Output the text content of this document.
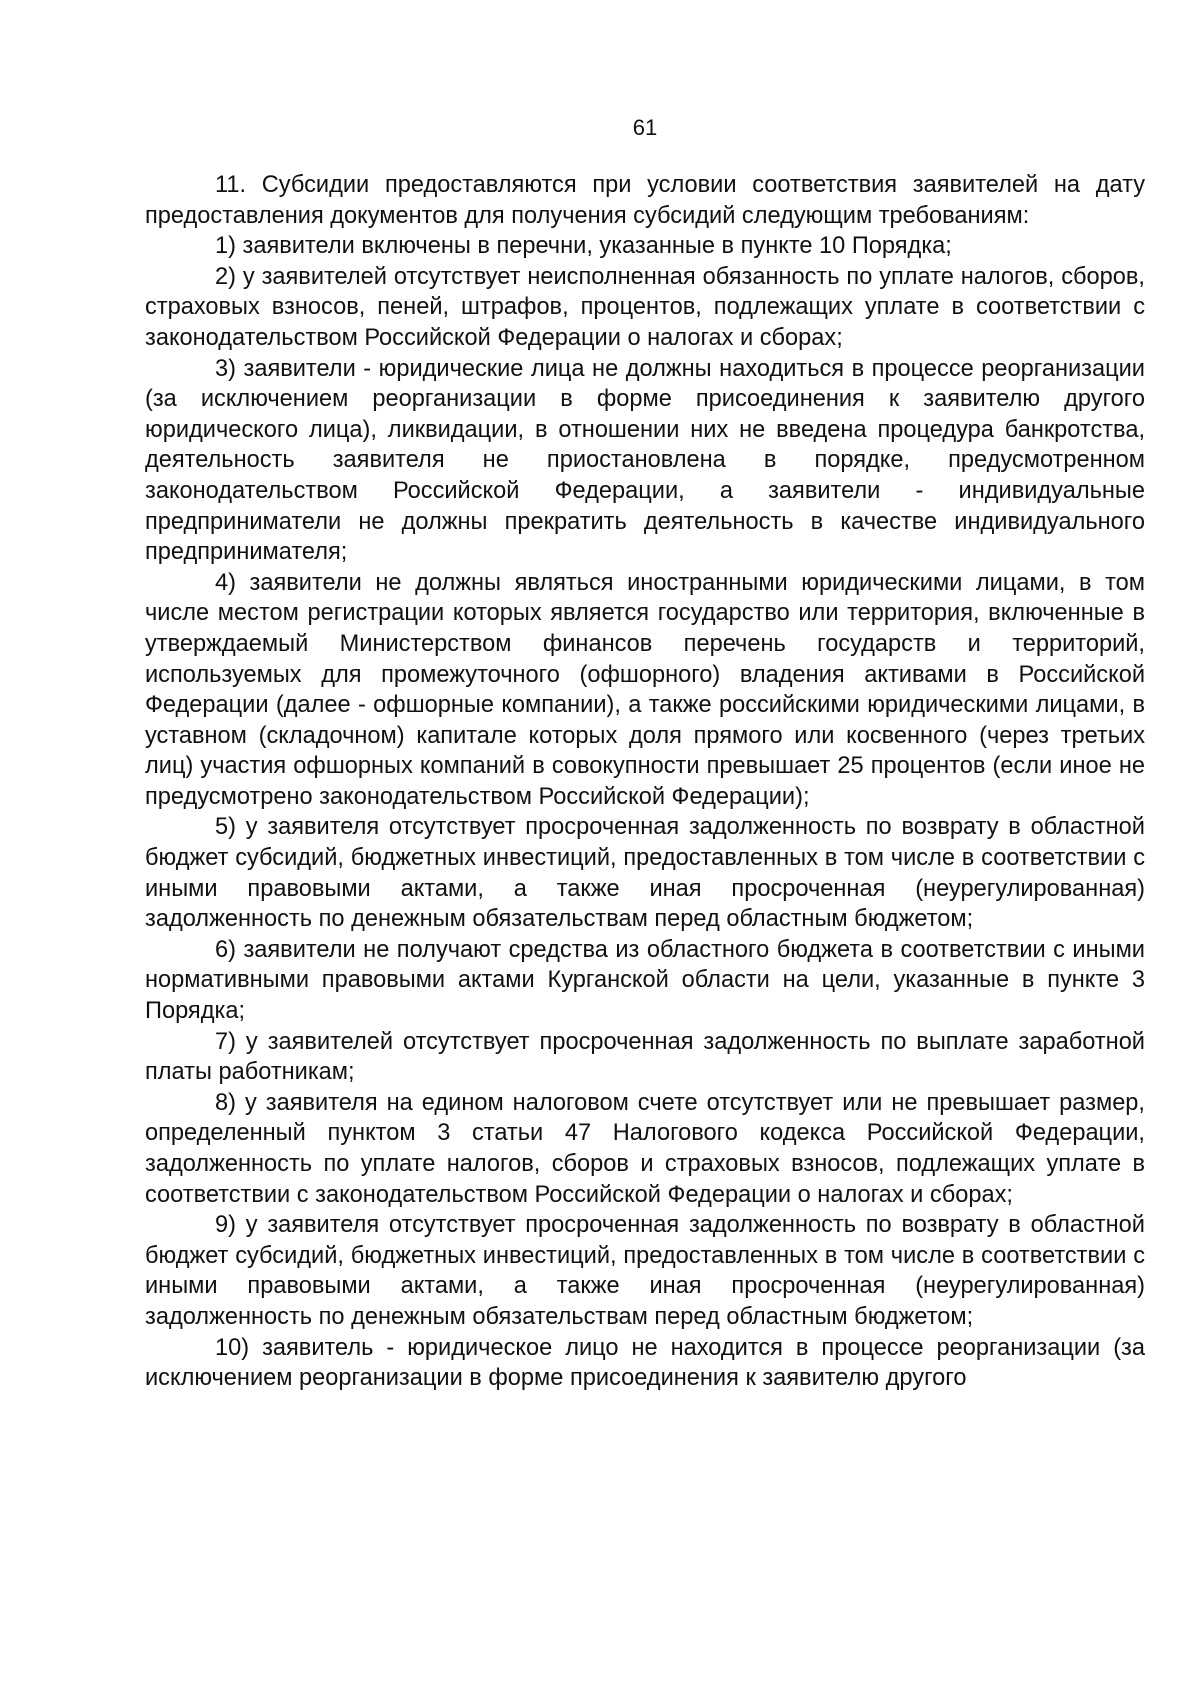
61

11. Субсидии предоставляются при условии соответствия заявителей на дату предоставления документов для получения субсидий следующим требованиям:

1) заявители включены в перечни, указанные в пункте 10 Порядка;

2) у заявителей отсутствует неисполненная обязанность по уплате налогов, сборов, страховых взносов, пеней, штрафов, процентов, подлежащих уплате в соответствии с законодательством Российской Федерации о налогах и сборах;

3) заявители - юридические лица не должны находиться в процессе реорганизации (за исключением реорганизации в форме присоединения к заявителю другого юридического лица), ликвидации, в отношении них не введена процедура банкротства, деятельность заявителя не приостановлена в порядке, предусмотренном законодательством Российской Федерации, а заявители - индивидуальные предприниматели не должны прекратить деятельность в качестве индивидуального предпринимателя;

4) заявители не должны являться иностранными юридическими лицами, в том числе местом регистрации которых является государство или территория, включенные в утверждаемый Министерством финансов перечень государств и территорий, используемых для промежуточного (офшорного) владения активами в Российской Федерации (далее - офшорные компании), а также российскими юридическими лицами, в уставном (складочном) капитале которых доля прямого или косвенного (через третьих лиц) участия офшорных компаний в совокупности превышает 25 процентов (если иное не предусмотрено законодательством Российской Федерации);

5) у заявителя отсутствует просроченная задолженность по возврату в областной бюджет субсидий, бюджетных инвестиций, предоставленных в том числе в соответствии с иными правовыми актами, а также иная просроченная (неурегулированная) задолженность по денежным обязательствам перед областным бюджетом;

6) заявители не получают средства из областного бюджета в соответствии с иными нормативными правовыми актами Курганской области на цели, указанные в пункте 3 Порядка;

7) у заявителей отсутствует просроченная задолженность по выплате заработной платы работникам;

8) у заявителя на едином налоговом счете отсутствует или не превышает размер, определенный пунктом 3 статьи 47 Налогового кодекса Российской Федерации, задолженность по уплате налогов, сборов и страховых взносов, подлежащих уплате в соответствии с законодательством Российской Федерации о налогах и сборах;

9) у заявителя отсутствует просроченная задолженность по возврату в областной бюджет субсидий, бюджетных инвестиций, предоставленных в том числе в соответствии с иными правовыми актами, а также иная просроченная (неурегулированная) задолженность по денежным обязательствам перед областным бюджетом;

10) заявитель - юридическое лицо не находится в процессе реорганизации (за исключением реорганизации в форме присоединения к заявителю другого
